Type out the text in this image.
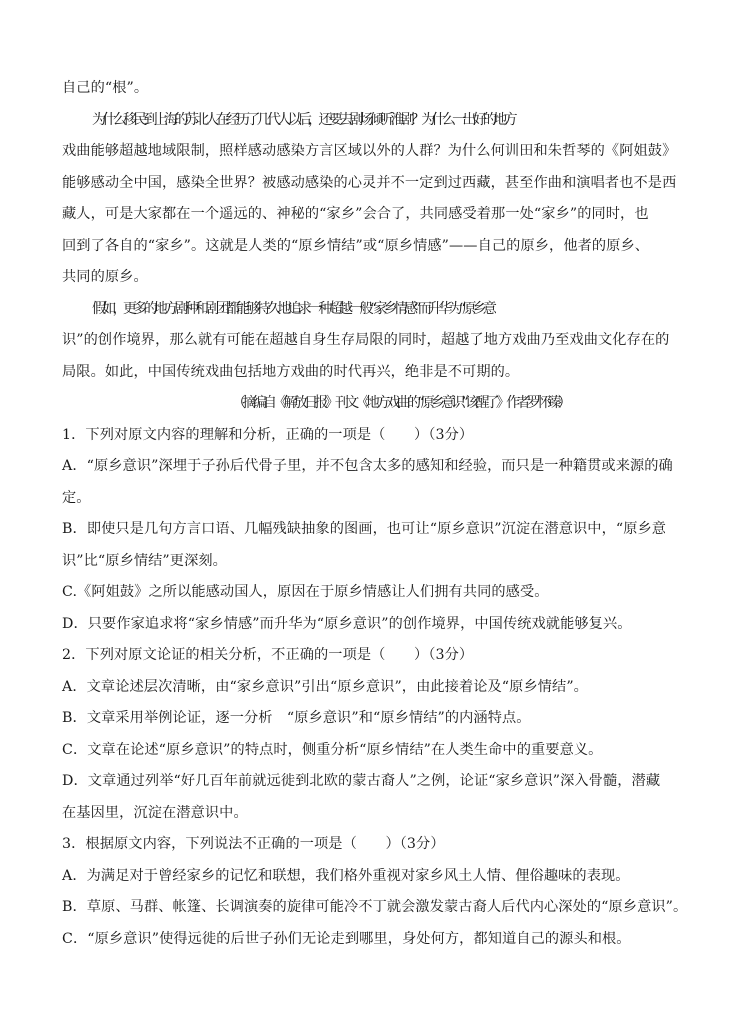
自己的“根”。
为什么移民到上海的苏北人在经历了几代人以后，还要去剧场倾听淮剧？为什么一出好的地方
戏曲能够超越地域限制，照样感动感染方言区域以外的人群？为什么何训田和朱哲琴的《阿姐鼓》
能够感动全中国，感染全世界？被感动感染的心灵并不一定到过西藏，甚至作曲和演唱者也不是西
藏人，可是大家都在一个遥远的、神秘的“家乡”会合了，共同感受着那一处“家乡”的同时，也
回到了各自的“家乡”。这就是人类的“原乡情结”或“原乡情感”——自己的原乡，他者的原乡、
共同的原乡。
假如，更多的地方剧种和剧团都能够持久地追求一种超越一般“家乡情感”而升华为“原乡意
识”的创作境界，那么就有可能在超越自身生存局限的同时，超越了地方戏曲乃至戏曲文化存在的
局限。如此，中国传统戏曲包括地方戏曲的时代再兴，绝非是不可期的。
（摘编自《解放日报》刊文《地方戏曲的“原乡意识”该醒了》作者罗怀臻）
1．下列对原文内容的理解和分析，正确的一项是（　　）（3分）
A．“原乡意识”深埋于子孙后代骨子里，并不包含太多的感知和经验，而只是一种籍贯或来源的确
定。
B．即使只是几句方言口语、几幅残缺抽象的图画，也可让“原乡意识”沉淀在潜意识中，“原乡意
识”比“原乡情结”更深刻。
C.《阿姐鼓》之所以能感动国人，原因在于原乡情感让人们拥有共同的感受。
D．只要作家追求将“家乡情感”而升华为“原乡意识”的创作境界，中国传统戏就能够复兴。
2．下列对原文论证的相关分析，不正确的一项是（　　）（3分）
A．文章论述层次清晰，由“家乡意识”引出“原乡意识”，由此接着论及“原乡情结”。
B．文章采用举例论证，逐一分析　“原乡意识”和“原乡情结”的内涵特点。
C．文章在论述“原乡意识”的特点时，侧重分析“原乡情结”在人类生命中的重要意义。
D．文章通过列举“好几百年前就远徙到北欧的蒙古裔人”之例，论证“家乡意识”深入骨髓，潜藏
在基因里，沉淀在潜意识中。
3．根据原文内容，下列说法不正确的一项是（　　）（3分）
A．为满足对于曾经家乡的记忆和联想，我们格外重视对家乡风土人情、俚俗趣味的表现。
B．草原、马群、帐篷、长调演奏的旋律可能冷不丁就会激发蒙古裔人后代内心深处的“原乡意识”。
C．“原乡意识”使得远徙的后世子孙们无论走到哪里，身处何方，都知道自己的源头和根。
